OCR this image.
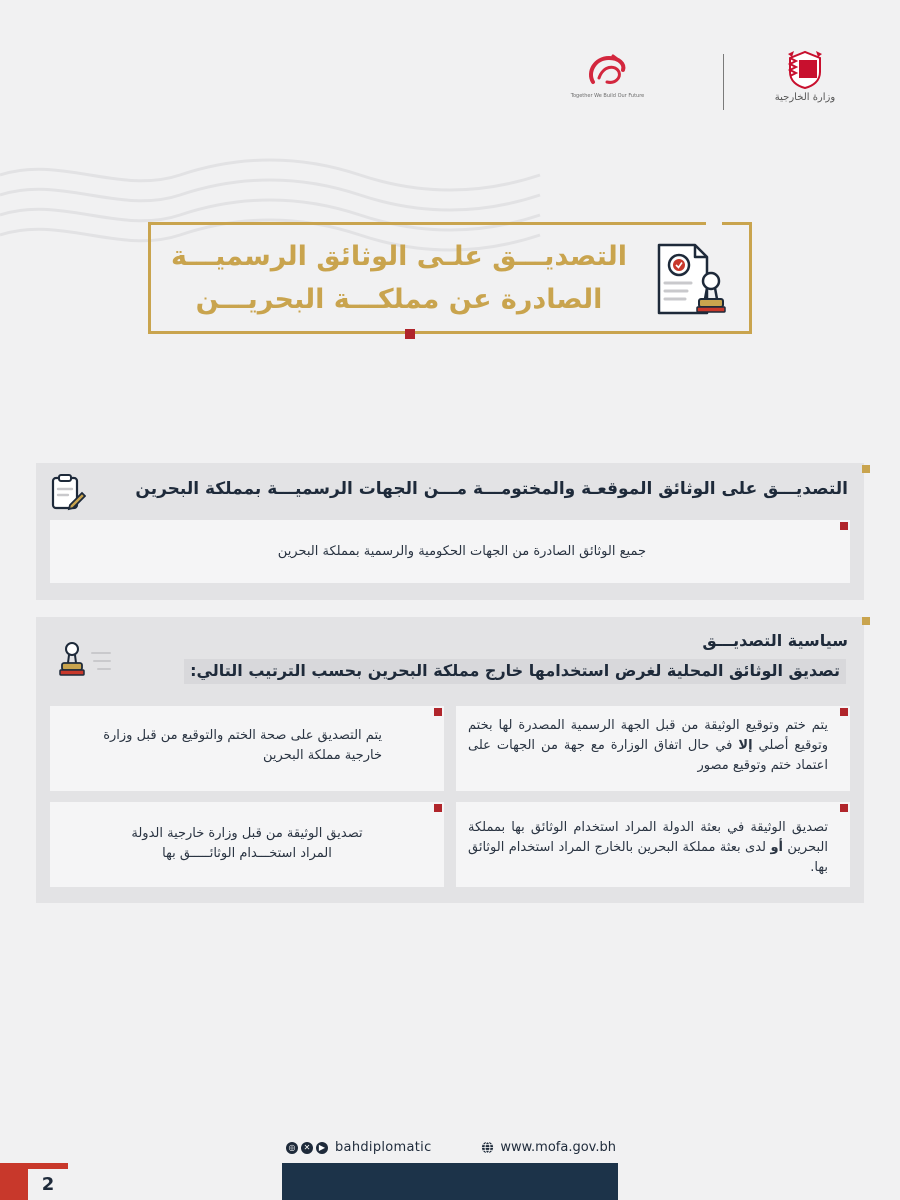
Together We Build Our Future	وزارة الخارجية
التصديـــق علـى الوثائق الرسميـــة
الصادرة عن مملكـــة البحريـــن
التصديـــق على الوثائق الموقعـة والمختومـــة مـــن الجهات الرسميـــة بمملكة البحرين
جميع الوثائق الصادرة من الجهات الحكومية والرسمية بمملكة البحرين
سياسية التصديـــق
تصديق الوثائق المحلية لغرض استخدامها خارج مملكة البحرين بحسب الترتيب التالي:
يتم ختم وتوقيع الوثيقة من قبل الجهة الرسمية المصدرة لها بختم وتوقيع أصلي إلا في حال اتفاق الوزارة مع جهة من الجهات على اعتماد ختم وتوقيع مصور
يتم التصديق على صحة الختم والتوقيع من قبل وزارة خارجية مملكة البحرين
تصديق الوثيقة في بعثة الدولة المراد استخدام الوثائق بها بمملكة البحرين أو لدى بعثة مملكة البحرين بالخارج المراد استخدام الوثائق بها.
تصديق الوثيقة من قبل وزارة خارجية الدولة المراد استخـــدام الوثائـــــق بها
◎	✕	▶ bahdiplomatic	www.mofa.gov.bh
2
